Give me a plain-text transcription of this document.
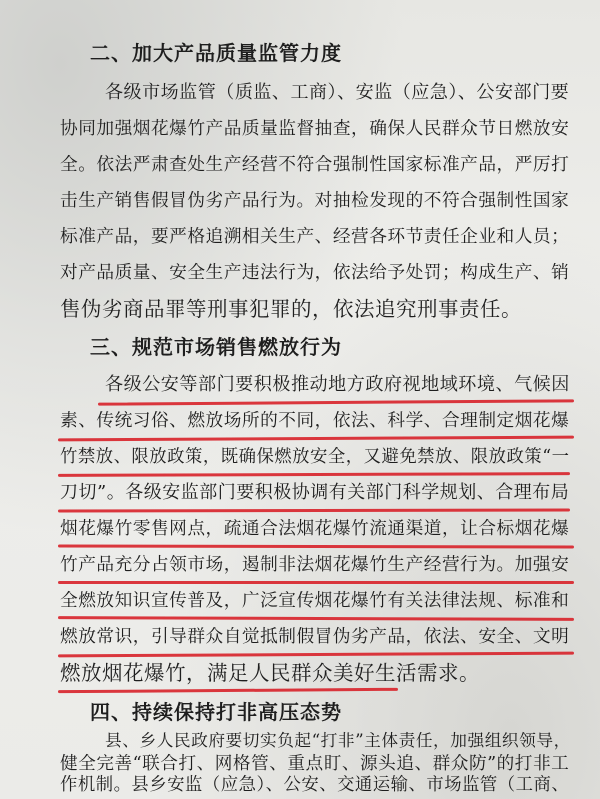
二、加大产品质量监管力度
各级市场监管（质监、工商）、安监（应急）、公安部门要
协同加强烟花爆竹产品质量监督抽查，确保人民群众节日燃放安
全。依法严肃查处生产经营不符合强制性国家标准产品，严厉打
击生产销售假冒伪劣产品行为。对抽检发现的不符合强制性国家
标准产品，要严格追溯相关生产、经营各环节责任企业和人员；
对产品质量、安全生产违法行为，依法给予处罚；构成生产、销
售伪劣商品罪等刑事犯罪的，依法追究刑事责任。
三、规范市场销售燃放行为
各级公安等部门要积极推动地方政府视地域环境、气候因
素、传统习俗、燃放场所的不同，依法、科学、合理制定烟花爆
竹禁放、限放政策，既确保燃放安全，又避免禁放、限放政策“一
刀切”。各级安监部门要积极协调有关部门科学规划、合理布局
烟花爆竹零售网点，疏通合法烟花爆竹流通渠道，让合标烟花爆
竹产品充分占领市场，遏制非法烟花爆竹生产经营行为。加强安
全燃放知识宣传普及，广泛宣传烟花爆竹有关法律法规、标准和
燃放常识，引导群众自觉抵制假冒伪劣产品，依法、安全、文明
燃放烟花爆竹，满足人民群众美好生活需求。
四、持续保持打非高压态势
县、乡人民政府要切实负起“打非”主体责任，加强组织领导，
健全完善“联合打、网格管、重点盯、源头追、群众防”的打非工
作机制。县乡安监（应急）、公安、交通运输、市场监管（工商、
